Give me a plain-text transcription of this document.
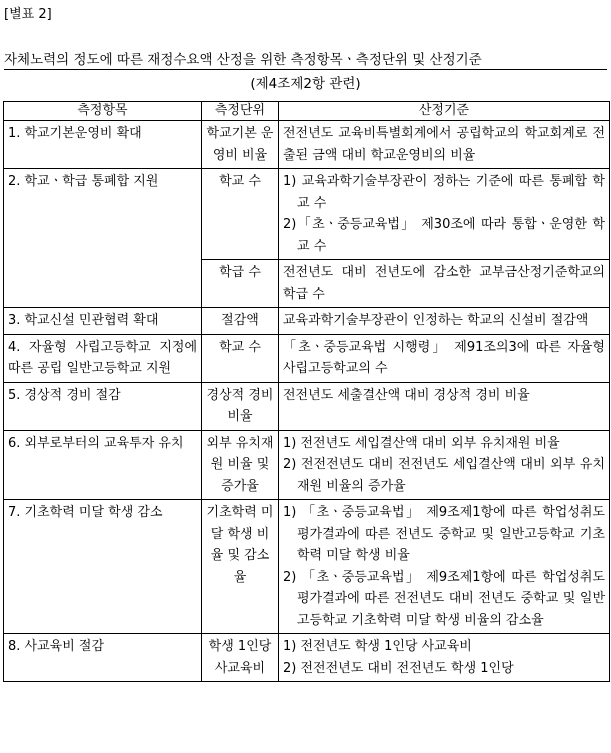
[별표 2]
자체노력의 정도에 따른 재정수요액 산정을 위한 측정항목ㆍ측정단위 및 산정기준
(제4조제2항 관련)
측정항목	측정단위	산정기준
1. 학교기본운영비 확대	학교기본 운영비 비율	전전년도 교육비특별회계에서 공립학교의 학교회계로 전출된 금액 대비 학교운영비의 비율

2. 학교ㆍ학급 통폐합 지원	학교 수	1) 교육과학기술부장관이 정하는 기준에 따른 통폐합 학교 수
2)「초ㆍ중등교육법」 제30조에 따라 통합ㆍ운영한 학교 수

	학급 수	전전년도 대비 전년도에 감소한 교부금산정기준학교의 학급 수

3. 학교신설 민관협력 확대	절감액	교육과학기술부장관이 인정하는 학교의 신설비 절감액

4. 자율형 사립고등학교 지정에 따른 공립 일반고등학교 지원	학교 수	「초ㆍ중등교육법 시행령」 제91조의3에 따른 자율형 사립고등학교의 수

5. 경상적 경비 절감	경상적 경비 비율	전전년도 세출결산액 대비 경상적 경비 비율

6. 외부로부터의 교육투자 유치	외부 유치재원 비율 및 증가율	1) 전전년도 세입결산액 대비 외부 유치재원 비율
2) 전전전년도 대비 전전년도 세입결산액 대비 외부 유치재원 비율의 증가율

7. 기초학력 미달 학생 감소	기초학력 미달 학생 비율 및 감소율	1) 「초ㆍ중등교육법」 제9조제1항에 따른 학업성취도 평가결과에 따른 전년도 중학교 및 일반고등학교 기초학력 미달 학생 비율
2) 「초ㆍ중등교육법」 제9조제1항에 따른 학업성취도 평가결과에 따른 전전년도 대비 전년도 중학교 및 일반고등학교 기초학력 미달 학생 비율의 감소율

8. 사교육비 절감	학생 1인당 사교육비	1) 전전년도 학생 1인당 사교육비
2) 전전전년도 대비 전전년도 학생 1인당
